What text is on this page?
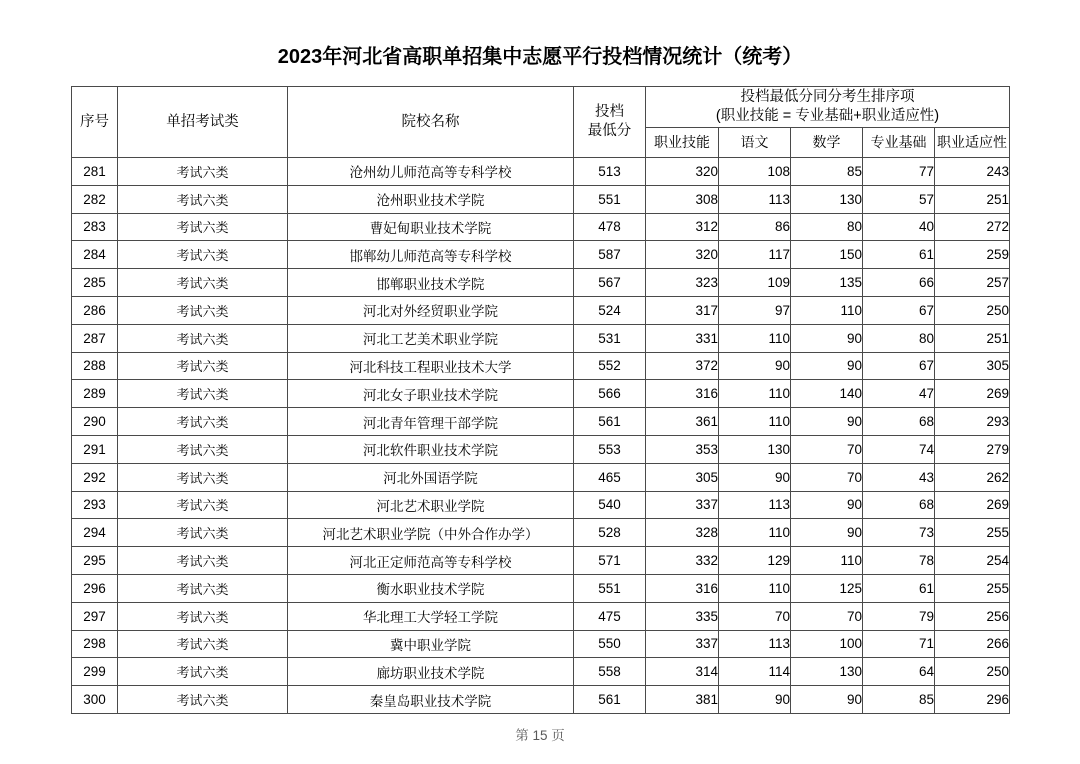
2023年河北省高职单招集中志愿平行投档情况统计（统考）
序号	单招考试类	院校名称	投档
最低分	投档最低分同分考生排序项
(职业技能 = 专业基础+职业适应性)				

				职业技能	语文	数学	专业基础	职业适应性
281	考试六类	沧州幼儿师范高等专科学校	513	320	108	85	77	243
282	考试六类	沧州职业技术学院	551	308	113	130	57	251
283	考试六类	曹妃甸职业技术学院	478	312	86	80	40	272
284	考试六类	邯郸幼儿师范高等专科学校	587	320	117	150	61	259
285	考试六类	邯郸职业技术学院	567	323	109	135	66	257
286	考试六类	河北对外经贸职业学院	524	317	97	110	67	250
287	考试六类	河北工艺美术职业学院	531	331	110	90	80	251
288	考试六类	河北科技工程职业技术大学	552	372	90	90	67	305
289	考试六类	河北女子职业技术学院	566	316	110	140	47	269
290	考试六类	河北青年管理干部学院	561	361	110	90	68	293
291	考试六类	河北软件职业技术学院	553	353	130	70	74	279
292	考试六类	河北外国语学院	465	305	90	70	43	262
293	考试六类	河北艺术职业学院	540	337	113	90	68	269
294	考试六类	河北艺术职业学院（中外合作办学）	528	328	110	90	73	255
295	考试六类	河北正定师范高等专科学校	571	332	129	110	78	254
296	考试六类	衡水职业技术学院	551	316	110	125	61	255
297	考试六类	华北理工大学轻工学院	475	335	70	70	79	256
298	考试六类	冀中职业学院	550	337	113	100	71	266
299	考试六类	廊坊职业技术学院	558	314	114	130	64	250
300	考试六类	秦皇岛职业技术学院	561	381	90	90	85	296
第 15 页
